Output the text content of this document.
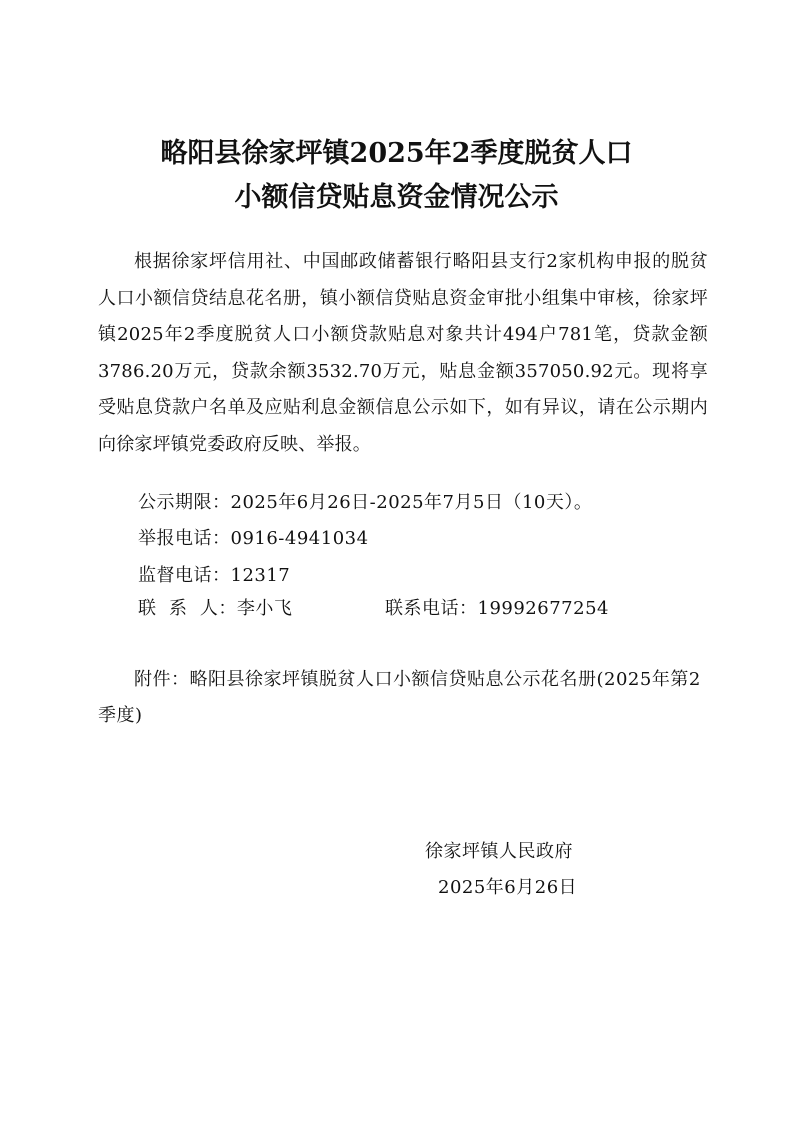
略阳县徐家坪镇2025年2季度脱贫人口
小额信贷贴息资金情况公示

根据徐家坪信用社、中国邮政储蓄银行略阳县支行2家机构申报的脱贫人口小额信贷结息花名册，镇小额信贷贴息资金审批小组集中审核，徐家坪镇2025年2季度脱贫人口小额贷款贴息对象共计494户781笔，贷款金额3786.20万元，贷款余额3532.70万元，贴息金额357050.92元。现将享受贴息贷款户名单及应贴利息金额信息公示如下，如有异议，请在公示期内向徐家坪镇党委政府反映、举报。

公示期限：2025年6月26日-2025年7月5日（10天）。
举报电话：0916-4941034
监督电话：12317
联  系  人：李小飞	联系电话：19992677254
附件：略阳县徐家坪镇脱贫人口小额信贷贴息公示花名册(2025年第2季度)
徐家坪镇人民政府
2025年6月26日
